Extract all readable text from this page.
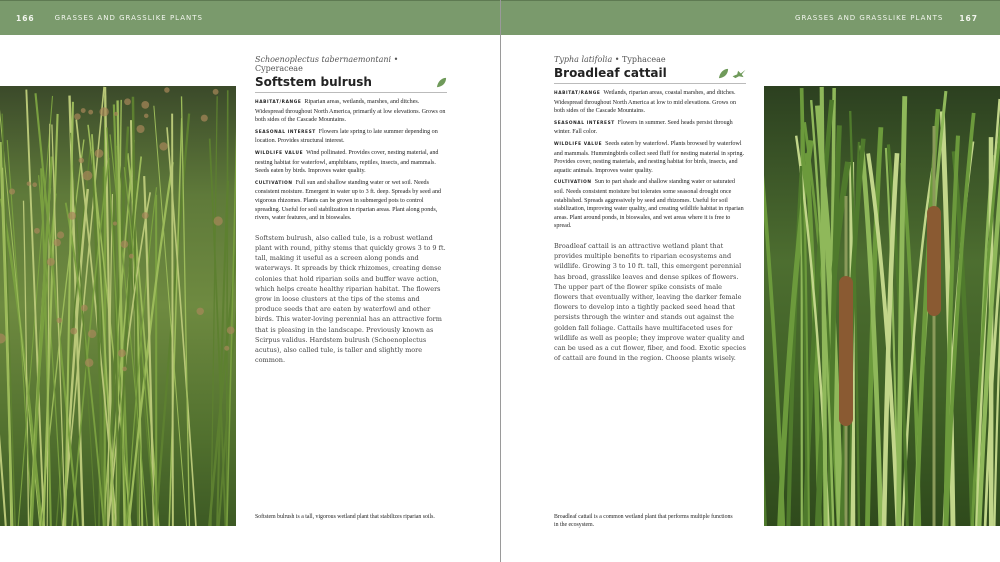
166	GRASSES AND GRASSLIKE PLANTS	GRASSES AND GRASSLIKE PLANTS 167
Schoenoplectus tabernaemontani • Cyperaceae
Softstem bulrush

HABITAT/RANGE Riparian areas, wetlands, marshes, and ditches. Widespread throughout North America, primarily at low elevations. Grows on both sides of the Cascade Mountains.

SEASONAL INTEREST Flowers late spring to late summer depending on location. Provides structural interest.

WILDLIFE VALUE Wind pollinated. Provides cover, nesting material, and nesting habitat for waterfowl, amphibians, reptiles, insects, and mammals. Seeds eaten by birds. Improves water quality.

CULTIVATION Full sun and shallow standing water or wet soil. Needs consistent moisture. Emergent in water up to 3 ft. deep. Spreads by seed and vigorous rhizomes. Plants can be grown in submerged pots to control spreading. Useful for soil stabilization in riparian areas. Plant along ponds, rivers, water features, and in bioswales.

Softstem bulrush, also called tule, is a robust wetland plant with round, pithy stems that quickly grows 3 to 9 ft. tall, making it useful as a screen along ponds and waterways. It spreads by thick rhizomes, creating dense colonies that hold riparian soils and buffer wave action, which helps create healthy riparian habitat. The flowers grow in loose clusters at the tips of the stems and produce seeds that are eaten by waterfowl and other birds. This water-loving perennial has an attractive form that is pleasing in the landscape. Previously known as Scirpus validus. Hardstem bulrush (Schoenoplectus acutus), also called tule, is taller and slightly more common.
Typha latifolia • Typhaceae
Broadleaf cattail

HABITAT/RANGE Wetlands, riparian areas, coastal marshes, and ditches. Widespread throughout North America at low to mid elevations. Grows on both sides of the Cascade Mountains.

SEASONAL INTEREST Flowers in summer. Seed heads persist through winter. Fall color.

WILDLIFE VALUE Seeds eaten by waterfowl. Plants browsed by waterfowl and mammals. Hummingbirds collect seed fluff for nesting material in spring. Provides cover, nesting materials, and nesting habitat for birds, insects, and aquatic animals. Improves water quality.

CULTIVATION Sun to part shade and shallow standing water or saturated soil. Needs consistent moisture but tolerates some seasonal drought once established. Spreads aggressively by seed and rhizomes. Useful for soil stabilization, improving water quality, and creating wildlife habitat in riparian areas. Plant around ponds, in bioswales, and wet areas where it is free to spread.

Broadleaf cattail is an attractive wetland plant that provides multiple benefits to riparian ecosystems and wildlife. Growing 3 to 10 ft. tall, this emergent perennial has broad, grasslike leaves and dense spikes of flowers. The upper part of the flower spike consists of male flowers that eventually wither, leaving the darker female flowers to develop into a tightly packed seed head that persists through the winter and stands out against the golden fall foliage. Cattails have multifaceted uses for wildlife as well as people; they improve water quality and can be used as a cut flower, fiber, and food. Exotic species of cattail are found in the region. Choose plants wisely.
Softstem bulrush is a tall, vigorous wetland plant that stabilizes riparian soils.	Broadleaf cattail is a common wetland plant that performs multiple functions in the ecosystem.
